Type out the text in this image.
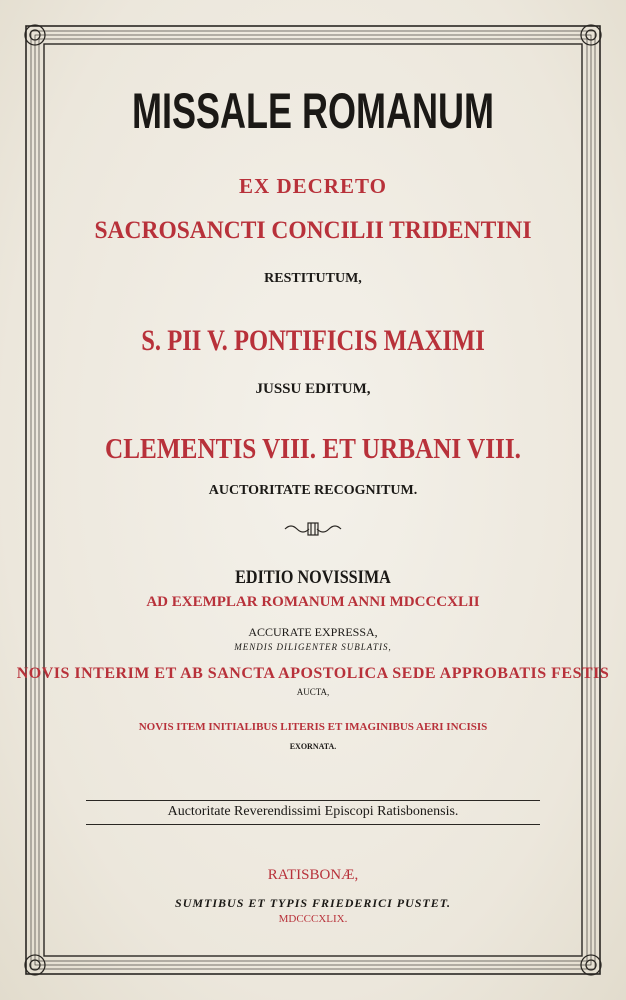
MISSALE ROMANUM
EX DECRETO
SACROSANCTI CONCILII TRIDENTINI
RESTITUTUM,
S. PII V. PONTIFICIS MAXIMI
JUSSU EDITUM,
CLEMENTIS VIII. ET URBANI VIII.
AUCTORITATE RECOGNITUM.
EDITIO NOVISSIMA
AD EXEMPLAR ROMANUM ANNI MDCCCXLII
ACCURATE EXPRESSA,
MENDIS DILIGENTER SUBLATIS,
NOVIS INTERIM ET AB SANCTA APOSTOLICA SEDE APPROBATIS FESTIS
AUCTA,
NOVIS ITEM INITIALIBUS LITERIS ET IMAGINIBUS AERI INCISIS
EXORNATA.
Auctoritate Reverendissimi Episcopi Ratisbonensis.
RATISBONÆ,
SUMTIBUS ET TYPIS FRIEDERICI PUSTET.
MDCCCXLIX.
